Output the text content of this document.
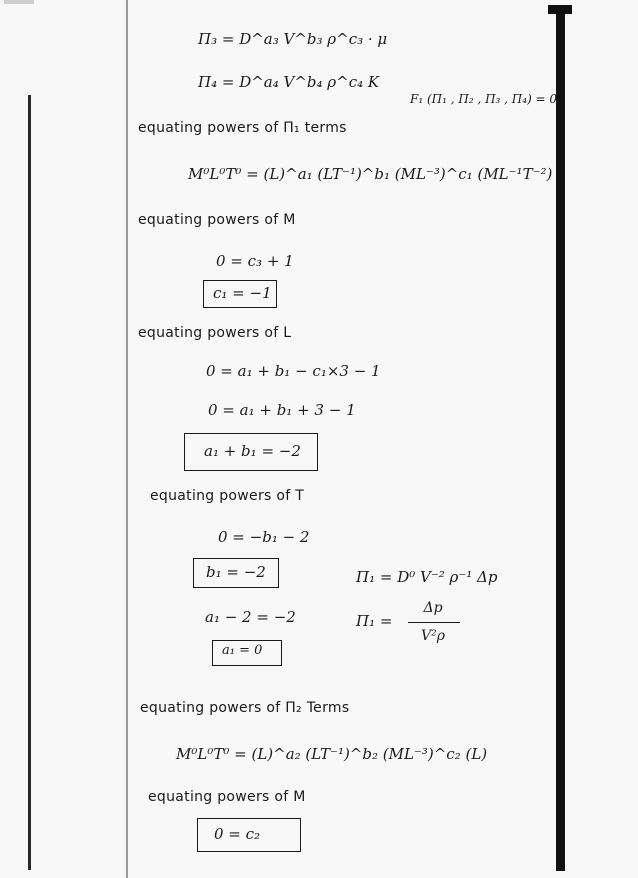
Π₃ = D^a₃ V^b₃ ρ^c₃ · μ
Π₄ = D^a₄ V^b₄ ρ^c₄ K
F₁ (Π₁ , Π₂ , Π₃ , Π₄) = 0
equating powers of Π₁ terms
M⁰L⁰T⁰ = (L)^a₁ (LT⁻¹)^b₁ (ML⁻³)^c₁ (ML⁻¹T⁻²)
equating powers of M
0 = c₃ + 1
c₁ = −1
equating powers of L
0 = a₁ + b₁ − c₁×3 − 1
0 = a₁ + b₁ + 3 − 1
a₁ + b₁ = −2
equating powers of T
0 = −b₁ − 2
b₁ = −2	Π₁ = D⁰ V⁻² ρ⁻¹ Δp
a₁ − 2 = −2	Π₁ =
Δp
V²ρ
a₁ = 0
equating powers of Π₂ Terms
M⁰L⁰T⁰ = (L)^a₂ (LT⁻¹)^b₂ (ML⁻³)^c₂ (L)
equating powers of M
0 = c₂
